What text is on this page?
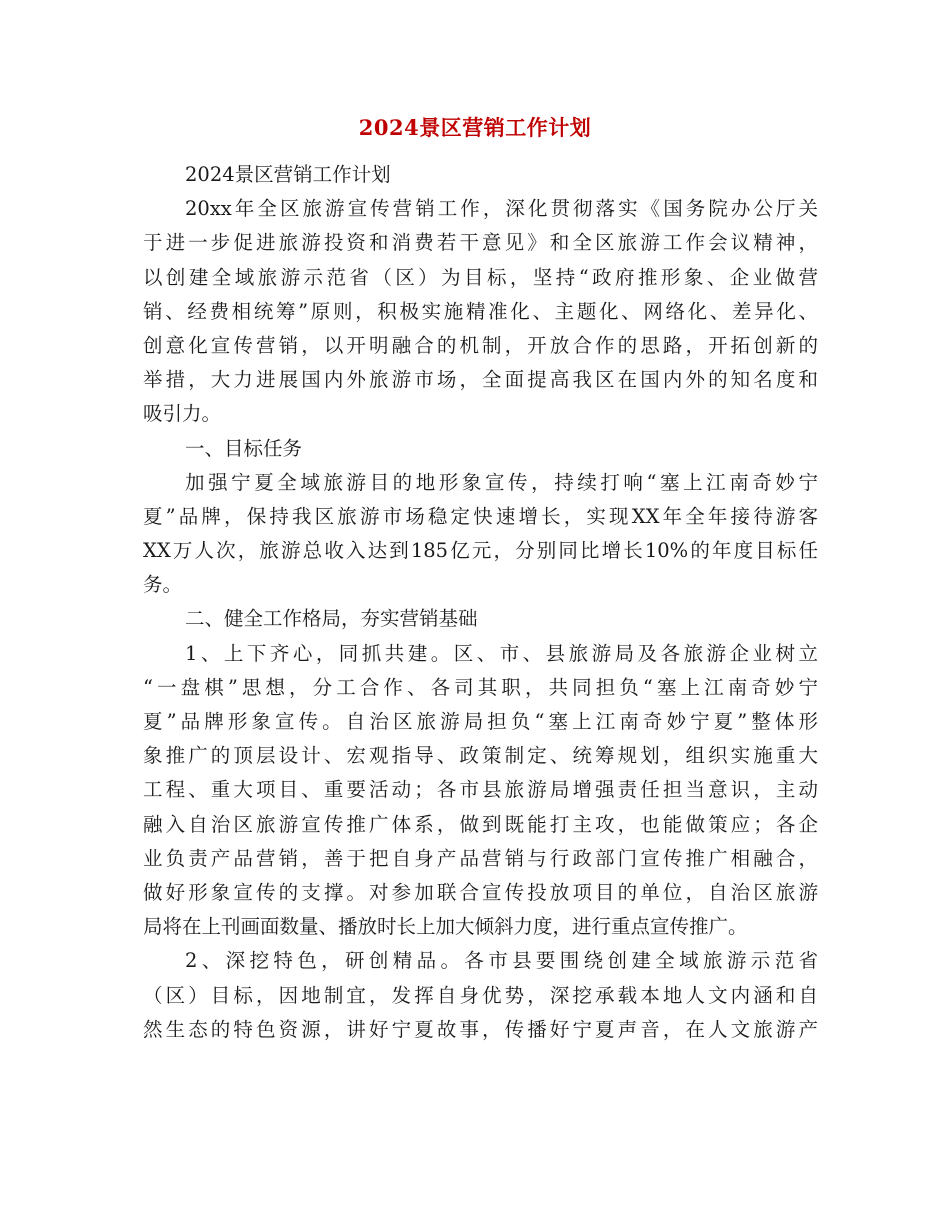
2024景区营销工作计划
2024景区营销工作计划
20xx年全区旅游宣传营销工作，深化贯彻落实《国务院办公厅关
于进一步促进旅游投资和消费若干意见》和全区旅游工作会议精神，
以创建全域旅游示范省（区）为目标，坚持“政府推形象、企业做营
销、经费相统筹”原则，积极实施精准化、主题化、网络化、差异化、
创意化宣传营销，以开明融合的机制，开放合作的思路，开拓创新的
举措，大力进展国内外旅游市场，全面提高我区在国内外的知名度和
吸引力。
一、目标任务
加强宁夏全域旅游目的地形象宣传，持续打响“塞上江南奇妙宁
夏”品牌，保持我区旅游市场稳定快速增长，实现XX年全年接待游客
XX万人次，旅游总收入达到185亿元，分别同比增长10%的年度目标任
务。
二、健全工作格局，夯实营销基础
1、上下齐心，同抓共建。区、市、县旅游局及各旅游企业树立
“一盘棋”思想，分工合作、各司其职，共同担负“塞上江南奇妙宁
夏”品牌形象宣传。自治区旅游局担负“塞上江南奇妙宁夏”整体形
象推广的顶层设计、宏观指导、政策制定、统筹规划，组织实施重大
工程、重大项目、重要活动；各市县旅游局增强责任担当意识，主动
融入自治区旅游宣传推广体系，做到既能打主攻，也能做策应；各企
业负责产品营销，善于把自身产品营销与行政部门宣传推广相融合，
做好形象宣传的支撑。对参加联合宣传投放项目的单位，自治区旅游
局将在上刊画面数量、播放时长上加大倾斜力度，进行重点宣传推广。
2、深挖特色，研创精品。各市县要围绕创建全域旅游示范省
（区）目标，因地制宜，发挥自身优势，深挖承载本地人文内涵和自
然生态的特色资源，讲好宁夏故事，传播好宁夏声音，在人文旅游产
